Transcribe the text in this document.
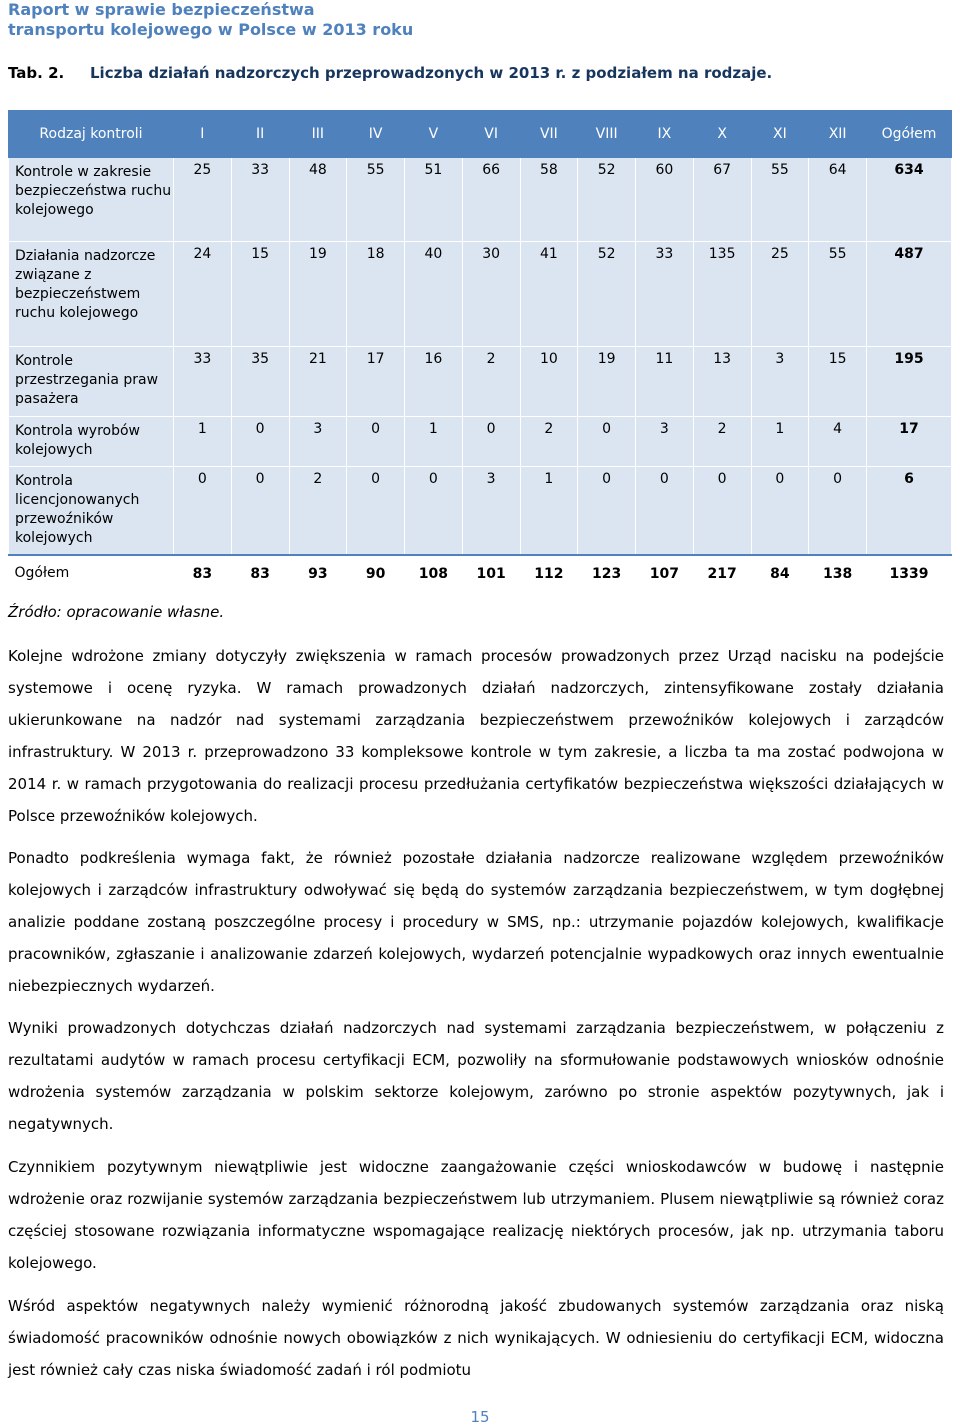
Raport w sprawie bezpieczeństwa
transportu kolejowego w Polsce w 2013 roku
Tab. 2. Liczba działań nadzorczych przeprowadzonych w 2013 r. z podziałem na rodzaje.
Rodzaj kontroli	I	II	III	IV	V	VI	VII	VIII	IX	X	XI	XII	Ogółem
Kontrole w zakresie bezpieczeństwa ruchu kolejowego	25	33	48	55	51	66	58	52	60	67	55	64	634
Działania nadzorcze związane z bezpieczeństwem ruchu kolejowego	24	15	19	18	40	30	41	52	33	135	25	55	487
Kontrole przestrzegania praw pasażera	33	35	21	17	16	2	10	19	11	13	3	15	195
Kontrola wyrobów kolejowych	1	0	3	0	1	0	2	0	3	2	1	4	17
Kontrola licencjonowanych przewoźników kolejowych	0	0	2	0	0	3	1	0	0	0	0	0	6
Ogółem	83	83	93	90	108	101	112	123	107	217	84	138	1339
Źródło: opracowanie własne.

Kolejne wdrożone zmiany dotyczyły zwiększenia w ramach procesów prowadzonych przez Urząd nacisku na podejście systemowe i ocenę ryzyka. W ramach prowadzonych działań nadzorczych, zintensyfikowane zostały działania ukierunkowane na nadzór nad systemami zarządzania bezpieczeństwem przewoźników kolejowych i zarządców infrastruktury. W 2013 r. przeprowadzono 33 kompleksowe kontrole w tym zakresie, a liczba ta ma zostać podwojona w 2014 r. w ramach przygotowania do realizacji procesu przedłużania certyfikatów bezpieczeństwa większości działających w Polsce przewoźników kolejowych.

Ponadto podkreślenia wymaga fakt, że również pozostałe działania nadzorcze realizowane względem przewoźników kolejowych i zarządców infrastruktury odwoływać się będą do systemów zarządzania bezpieczeństwem, w tym dogłębnej analizie poddane zostaną poszczególne procesy i procedury w SMS, np.: utrzymanie pojazdów kolejowych, kwalifikacje pracowników, zgłaszanie i analizowanie zdarzeń kolejowych, wydarzeń potencjalnie wypadkowych oraz innych ewentualnie niebezpiecznych wydarzeń.

Wyniki prowadzonych dotychczas działań nadzorczych nad systemami zarządzania bezpieczeństwem, w połączeniu z rezultatami audytów w ramach procesu certyfikacji ECM, pozwoliły na sformułowanie podstawowych wniosków odnośnie wdrożenia systemów zarządzania w polskim sektorze kolejowym, zarówno po stronie aspektów pozytywnych, jak i negatywnych.

Czynnikiem pozytywnym niewątpliwie jest widoczne zaangażowanie części wnioskodawców w budowę i następnie wdrożenie oraz rozwijanie systemów zarządzania bezpieczeństwem lub utrzymaniem. Plusem niewątpliwie są również coraz częściej stosowane rozwiązania informatyczne wspomagające realizację niektórych procesów, jak np. utrzymania taboru kolejowego.

Wśród aspektów negatywnych należy wymienić różnorodną jakość zbudowanych systemów zarządzania oraz niską świadomość pracowników odnośnie nowych obowiązków z nich wynikających. W odniesieniu do certyfikacji ECM, widoczna jest również cały czas niska świadomość zadań i ról podmiotu

15
